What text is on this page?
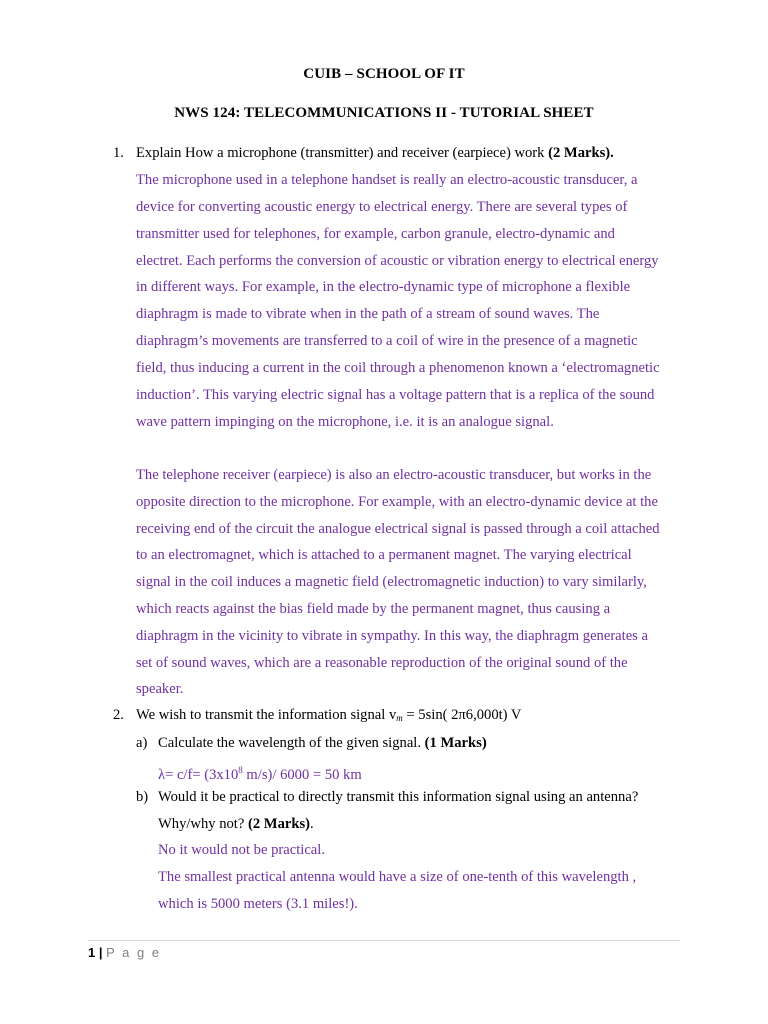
CUIB – SCHOOL OF IT
NWS 124: TELECOMMUNICATIONS II - TUTORIAL SHEET
1. Explain How a microphone (transmitter) and receiver (earpiece) work (2 Marks).
The microphone used in a telephone handset is really an electro-acoustic transducer, a
device for converting acoustic energy to electrical energy. There are several types of
transmitter used for telephones, for example, carbon granule, electro-dynamic and
electret. Each performs the conversion of acoustic or vibration energy to electrical energy
in different ways. For example, in the electro-dynamic type of microphone a flexible
diaphragm is made to vibrate when in the path of a stream of sound waves. The
diaphragm’s movements are transferred to a coil of wire in the presence of a magnetic
field, thus inducing a current in the coil through a phenomenon known a ‘electromagnetic
induction’. This varying electric signal has a voltage pattern that is a replica of the sound
wave pattern impinging on the microphone, i.e. it is an analogue signal.
The telephone receiver (earpiece) is also an electro-acoustic transducer, but works in the
opposite direction to the microphone. For example, with an electro-dynamic device at the
receiving end of the circuit the analogue electrical signal is passed through a coil attached
to an electromagnet, which is attached to a permanent magnet. The varying electrical
signal in the coil induces a magnetic field (electromagnetic induction) to vary similarly,
which reacts against the bias field made by the permanent magnet, thus causing a
diaphragm in the vicinity to vibrate in sympathy. In this way, the diaphragm generates a
set of sound waves, which are a reasonable reproduction of the original sound of the
speaker.
2. We wish to transmit the information signal $v_m = 5\sin$( 2π6,000t) V
a) Calculate the wavelength of the given signal. (1 Marks)
$\lambda= c/f= (3x10^8$ m/s)/ 6000 = 50 km
b) Would it be practical to directly transmit this information signal using an antenna?
Why/why not? (2 Marks).
No it would not be practical.
The smallest practical antenna would have a size of one-tenth of this wavelength ,
which is 5000 meters (3.1 miles!).
1 | P a g e
